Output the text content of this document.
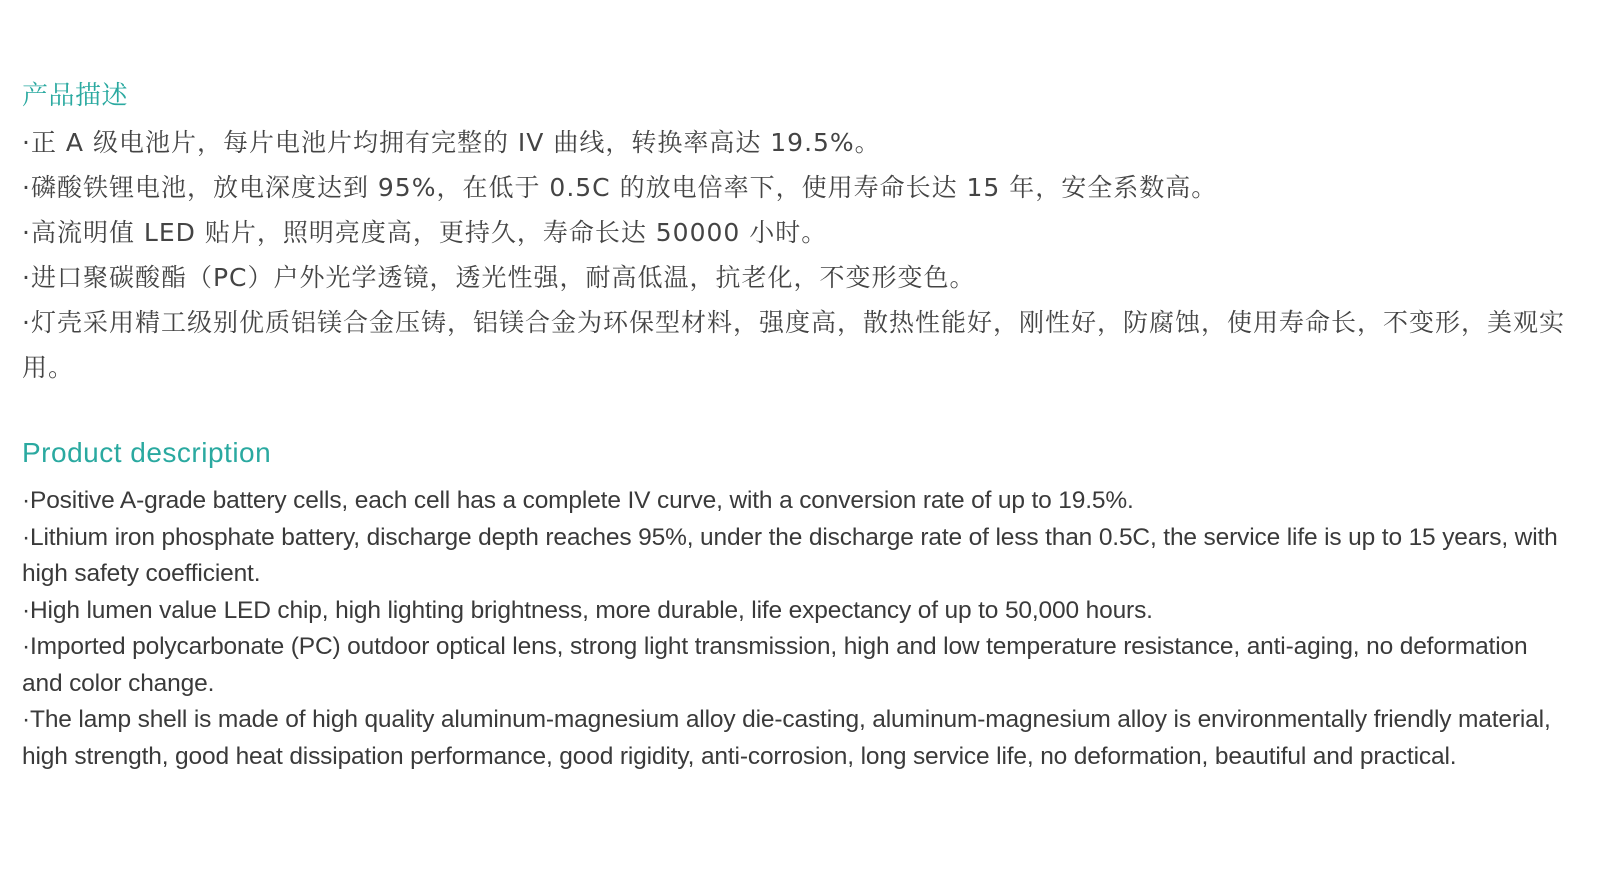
产品描述
·正 A 级电池片，每片电池片均拥有完整的 IV 曲线，转换率高达 19.5%。
·磷酸铁锂电池，放电深度达到 95%，在低于 0.5C 的放电倍率下，使用寿命长达 15 年，安全系数高。
·高流明值 LED 贴片，照明亮度高，更持久，寿命长达 50000 小时。
·进口聚碳酸酯（PC）户外光学透镜，透光性强，耐高低温，抗老化，不变形变色。
·灯壳采用精工级别优质铝镁合金压铸，铝镁合金为环保型材料，强度高，散热性能好，刚性好，防腐蚀，使用寿命长，不变形，美观实用。
Product description
·Positive A-grade battery cells, each cell has a complete IV curve, with a conversion rate of up to 19.5%.
·Lithium iron phosphate battery, discharge depth reaches 95%, under the discharge rate of less than 0.5C, the service life is up to 15 years, with high safety coefficient.
·High lumen value LED chip, high lighting brightness, more durable, life expectancy of up to 50,000 hours.
·Imported polycarbonate (PC) outdoor optical lens, strong light transmission, high and low temperature resistance, anti-aging, no deformation and color change.
·The lamp shell is made of high quality aluminum-magnesium alloy die-casting, aluminum-magnesium alloy is environmentally friendly material, high strength, good heat dissipation performance, good rigidity, anti-corrosion, long service life, no deformation, beautiful and practical.
